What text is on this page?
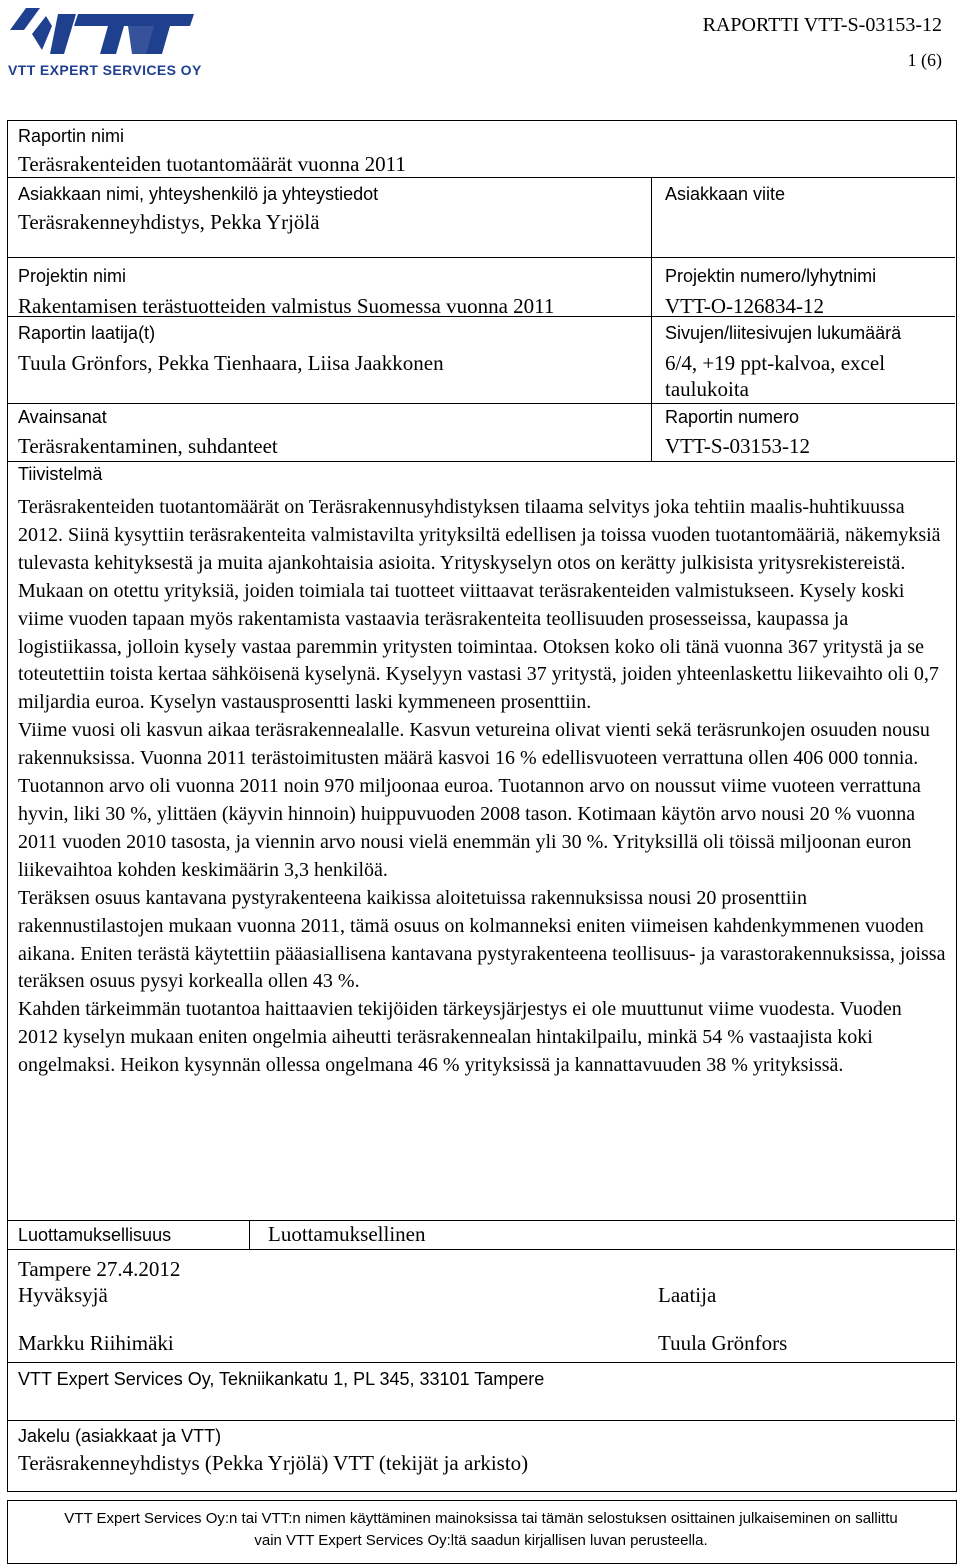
VTT EXPERT SERVICES OY
RAPORTTI VTT-S-03153-12
1 (6)
Raportin nimi
Teräsrakenteiden tuotantomäärät vuonna 2011
Asiakkaan nimi, yhteyshenkilö ja yhteystiedot
Teräsrakenneyhdistys, Pekka Yrjölä
Asiakkaan viite
Projektin nimi
Rakentamisen terästuotteiden valmistus Suomessa vuonna 2011
Projektin numero/lyhytnimi
VTT-O-126834-12
Raportin laatija(t)
Tuula Grönfors, Pekka Tienhaara, Liisa Jaakkonen
Sivujen/liitesivujen lukumäärä
6/4, +19 ppt-kalvoa, excel
taulukoita
Avainsanat
Teräsrakentaminen, suhdanteet
Raportin numero
VTT-S-03153-12
Tiivistelmä

Teräsrakenteiden tuotantomäärät on Teräsrakennusyhdistyksen tilaama selvitys joka tehtiin maalis-huhtikuussa 2012. Siinä kysyttiin teräsrakenteita valmistavilta yrityksiltä edellisen ja toissa vuoden tuotantomääriä, näkemyksiä tulevasta kehityksestä ja muita ajankohtaisia asioita. Yrityskyselyn otos on kerätty julkisista yritysrekistereistä. Mukaan on otettu yrityksiä, joiden toimiala tai tuotteet viittaavat teräsrakenteiden valmistukseen. Kysely koski viime vuoden tapaan myös rakentamista vastaavia teräsrakenteita teollisuuden prosesseissa, kaupassa ja logistiikassa, jolloin kysely vastaa paremmin yritysten toimintaa. Otoksen koko oli tänä vuonna 367 yritystä ja se toteutettiin toista kertaa sähköisenä kyselynä. Kyselyyn vastasi 37 yritystä, joiden yhteenlaskettu liikevaihto oli 0,7 miljardia euroa. Kyselyn vastausprosentti laski kymmeneen prosenttiin.

Viime vuosi oli kasvun aikaa teräsrakennealalle. Kasvun vetureina olivat vienti sekä teräsrunkojen osuuden nousu rakennuksissa. Vuonna 2011 terästoimitusten määrä kasvoi 16 % edellisvuoteen verrattuna ollen 406 000 tonnia. Tuotannon arvo oli vuonna 2011 noin 970 miljoonaa euroa. Tuotannon arvo on noussut viime vuoteen verrattuna hyvin, liki 30 %, ylittäen (käyvin hinnoin) huippuvuoden 2008 tason. Kotimaan käytön arvo nousi 20 % vuonna 2011 vuoden 2010 tasosta, ja viennin arvo nousi vielä enemmän yli 30 %. Yrityksillä oli töissä miljoonan euron liikevaihtoa kohden keskimäärin 3,3 henkilöä.

Teräksen osuus kantavana pystyrakenteena kaikissa aloitetuissa rakennuksissa nousi 20 prosenttiin rakennustilastojen mukaan vuonna 2011, tämä osuus on kolmanneksi eniten viimeisen kahdenkymmenen vuoden aikana. Eniten terästä käytettiin pääasiallisena kantavana pystyrakenteena teollisuus- ja varastorakennuksissa, joissa teräksen osuus pysyi korkealla ollen 43 %.

Kahden tärkeimmän tuotantoa haittaavien tekijöiden tärkeysjärjestys ei ole muuttunut viime vuodesta. Vuoden 2012 kyselyn mukaan eniten ongelmia aiheutti teräsrakennealan hintakilpailu, minkä 54 % vastaajista koki ongelmaksi. Heikon kysynnän ollessa ongelmana 46 % yrityksissä ja kannattavuuden 38 % yrityksissä.

Luottamuksellisuus	Luottamuksellinen
Tampere 27.4.2012
Hyväksyjä
Markku Riihimäki
Laatija
Tuula Grönfors
VTT Expert Services Oy, Tekniikankatu 1, PL 345, 33101 Tampere
Jakelu (asiakkaat ja VTT)
Teräsrakenneyhdistys (Pekka Yrjölä) VTT (tekijät ja arkisto)
VTT Expert Services Oy:n tai VTT:n nimen käyttäminen mainoksissa tai tämän selostuksen osittainen julkaiseminen on sallittu
vain VTT Expert Services Oy:ltä saadun kirjallisen luvan perusteella.
